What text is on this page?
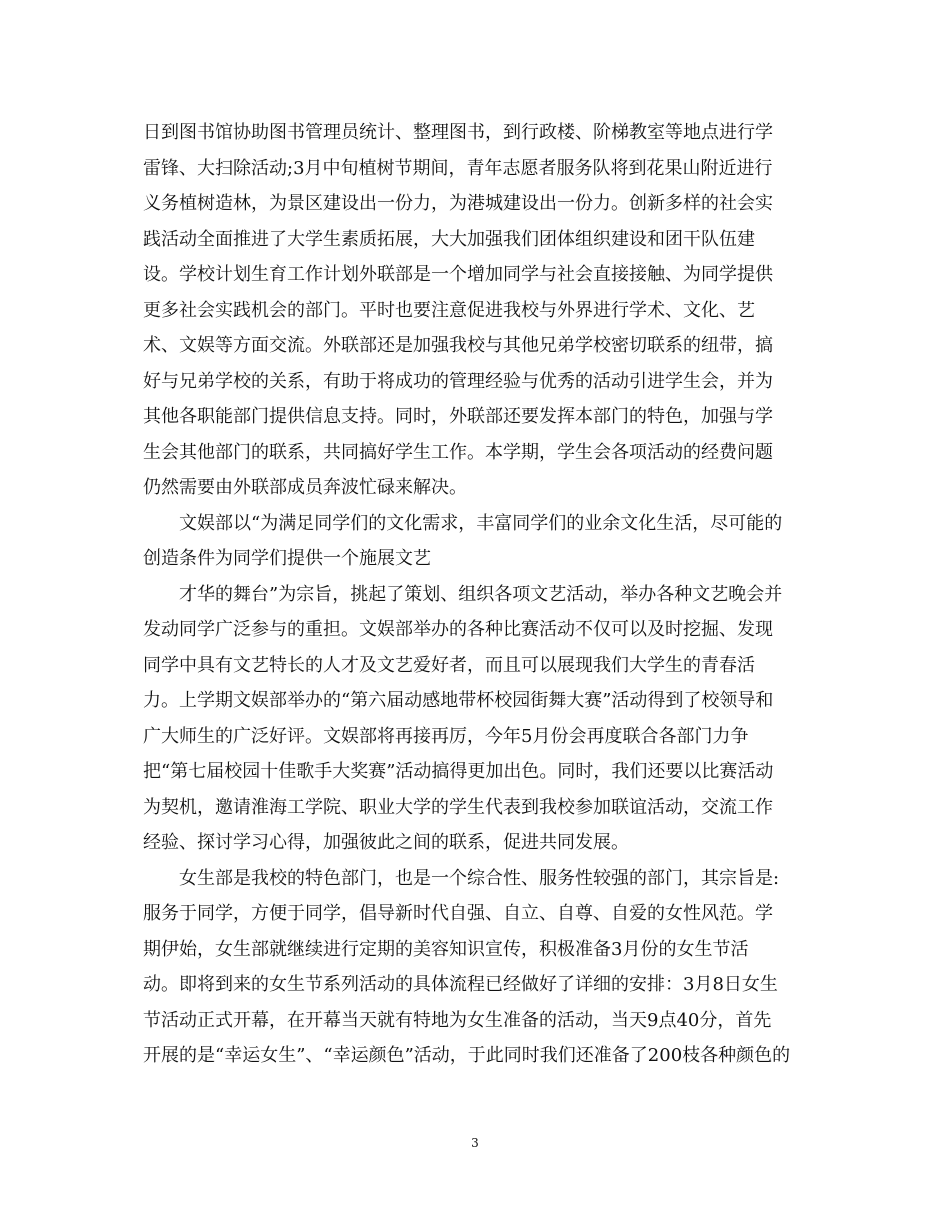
日到图书馆协助图书管理员统计、整理图书，到行政楼、阶梯教室等地点进行学
雷锋、大扫除活动;3月中旬植树节期间，青年志愿者服务队将到花果山附近进行
义务植树造林，为景区建设出一份力，为港城建设出一份力。创新多样的社会实
践活动全面推进了大学生素质拓展，大大加强我们团体组织建设和团干队伍建
设。学校计划生育工作计划外联部是一个增加同学与社会直接接触、为同学提供
更多社会实践机会的部门。平时也要注意促进我校与外界进行学术、文化、艺
术、文娱等方面交流。外联部还是加强我校与其他兄弟学校密切联系的纽带，搞
好与兄弟学校的关系，有助于将成功的管理经验与优秀的活动引进学生会，并为
其他各职能部门提供信息支持。同时，外联部还要发挥本部门的特色，加强与学
生会其他部门的联系，共同搞好学生工作。本学期，学生会各项活动的经费问题
仍然需要由外联部成员奔波忙碌来解决。
文娱部以“为满足同学们的文化需求，丰富同学们的业余文化生活，尽可能的
创造条件为同学们提供一个施展文艺
才华的舞台”为宗旨，挑起了策划、组织各项文艺活动，举办各种文艺晚会并
发动同学广泛参与的重担。文娱部举办的各种比赛活动不仅可以及时挖掘、发现
同学中具有文艺特长的人才及文艺爱好者，而且可以展现我们大学生的青春活
力。上学期文娱部举办的“第六届动感地带杯校园街舞大赛”活动得到了校领导和
广大师生的广泛好评。文娱部将再接再厉，今年5月份会再度联合各部门力争
把“第七届校园十佳歌手大奖赛”活动搞得更加出色。同时，我们还要以比赛活动
为契机，邀请淮海工学院、职业大学的学生代表到我校参加联谊活动，交流工作
经验、探讨学习心得，加强彼此之间的联系，促进共同发展。
女生部是我校的特色部门，也是一个综合性、服务性较强的部门，其宗旨是:
服务于同学，方便于同学，倡导新时代自强、自立、自尊、自爱的女性风范。学
期伊始，女生部就继续进行定期的美容知识宣传，积极准备3月份的女生节活
动。即将到来的女生节系列活动的具体流程已经做好了详细的安排：3月8日女生
节活动正式开幕，在开幕当天就有特地为女生准备的活动，当天9点40分，首先
开展的是“幸运女生”、“幸运颜色”活动，于此同时我们还准备了200枝各种颜色的
3
